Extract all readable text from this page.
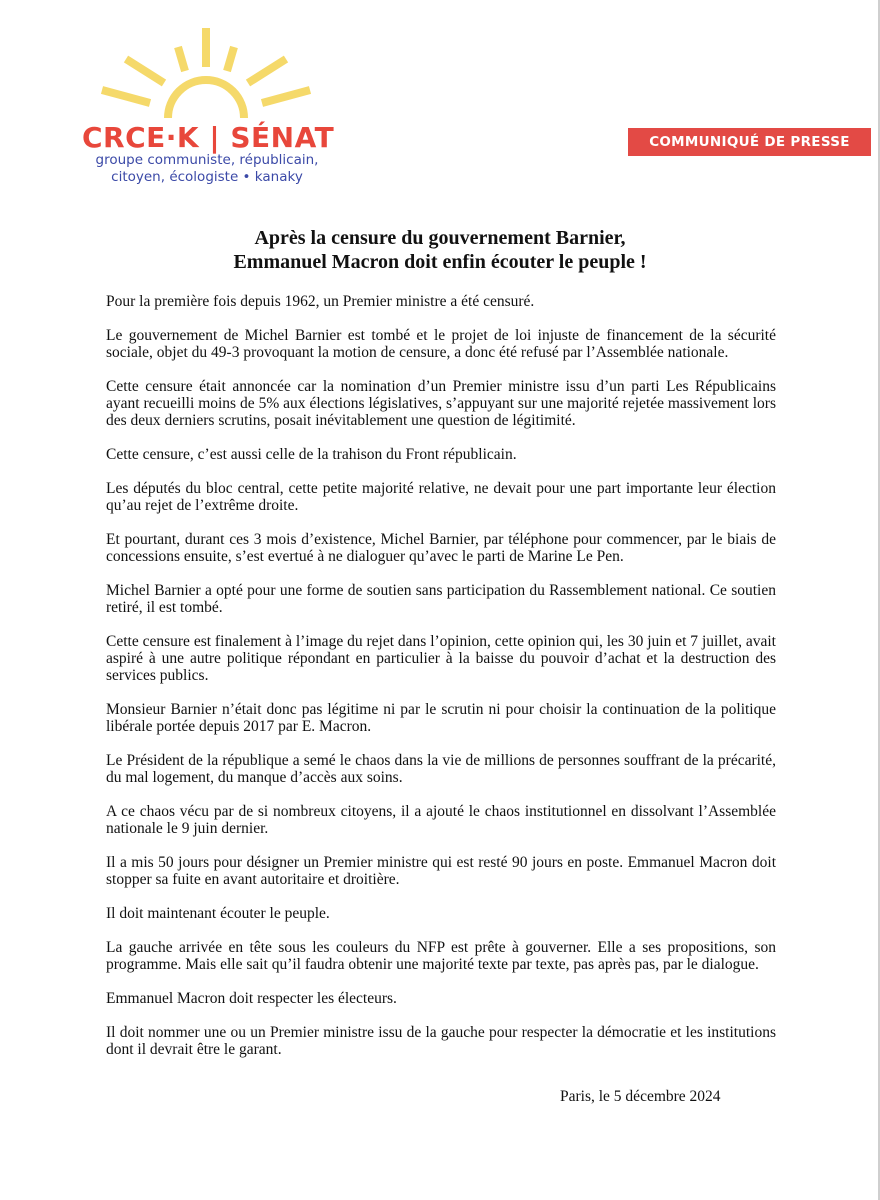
CRCE·K | SÉNAT
groupe communiste, républicain,
citoyen, écologiste • kanaky
COMMUNIQUÉ DE PRESSE
Après la censure du gouvernement Barnier,
Emmanuel Macron doit enfin écouter le peuple !

Pour la première fois depuis 1962, un Premier ministre a été censuré.

Le gouvernement de Michel Barnier est tombé et le projet de loi injuste de financement de la sécurité sociale, objet du 49-3 provoquant la motion de censure, a donc été refusé par l’Assemblée nationale.

Cette censure était annoncée car la nomination d’un Premier ministre issu d’un parti Les Républicains ayant recueilli moins de 5% aux élections législatives, s’appuyant sur une majorité rejetée massivement lors des deux derniers scrutins, posait inévitablement une question de légitimité.

Cette censure, c’est aussi celle de la trahison du Front républicain.

Les députés du bloc central, cette petite majorité relative, ne devait pour une part importante leur élection qu’au rejet de l’extrême droite.

Et pourtant, durant ces 3 mois d’existence, Michel Barnier, par téléphone pour commencer, par le biais de concessions ensuite, s’est evertué à ne dialoguer qu’avec le parti de Marine Le Pen.

Michel Barnier a opté pour une forme de soutien sans participation du Rassemblement national. Ce soutien retiré, il est tombé.

Cette censure est finalement à l’image du rejet dans l’opinion, cette opinion qui, les 30 juin et 7 juillet, avait aspiré à une autre politique répondant en particulier à la baisse du pouvoir d’achat et la destruction des services publics.

Monsieur Barnier n’était donc pas légitime ni par le scrutin ni pour choisir la continuation de la politique libérale portée depuis 2017 par E. Macron.

Le Président de la république a semé le chaos dans la vie de millions de personnes souffrant de la précarité, du mal logement, du manque d’accès aux soins.

A ce chaos vécu par de si nombreux citoyens, il a ajouté le chaos institutionnel en dissolvant l’Assemblée nationale le 9 juin dernier.

Il a mis 50 jours pour désigner un Premier ministre qui est resté 90 jours en poste. Emmanuel Macron doit stopper sa fuite en avant autoritaire et droitière.

Il doit maintenant écouter le peuple.

La gauche arrivée en tête sous les couleurs du NFP est prête à gouverner. Elle a ses propositions, son programme. Mais elle sait qu’il faudra obtenir une majorité texte par texte, pas après pas, par le dialogue.

Emmanuel Macron doit respecter les électeurs.

Il doit nommer une ou un Premier ministre issu de la gauche pour respecter la démocratie et les institutions dont il devrait être le garant.

Paris, le 5 décembre 2024
